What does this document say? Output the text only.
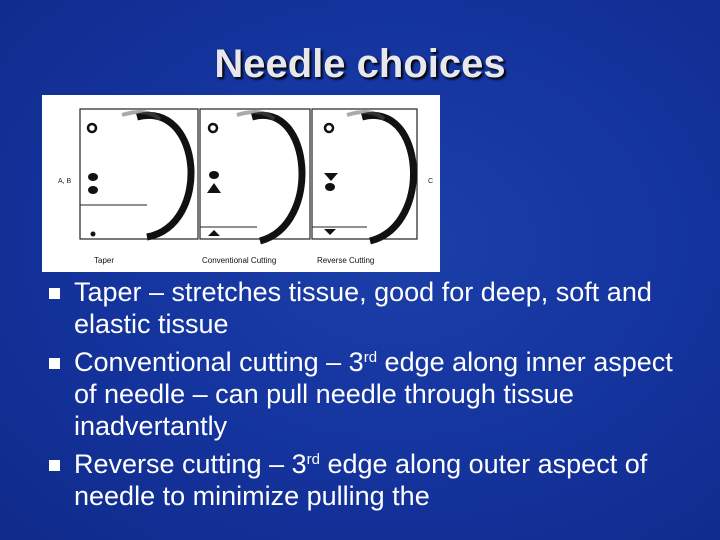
Needle choices
A, B	C
Taper	Conventional Cutting	Reverse Cutting
Taper – stretches tissue, good for deep, soft and elastic tissue
Conventional cutting – 3rd edge along inner aspect of needle – can pull needle through tissue inadvertantly
Reverse cutting – 3rd edge along outer aspect of needle to minimize pulling the
